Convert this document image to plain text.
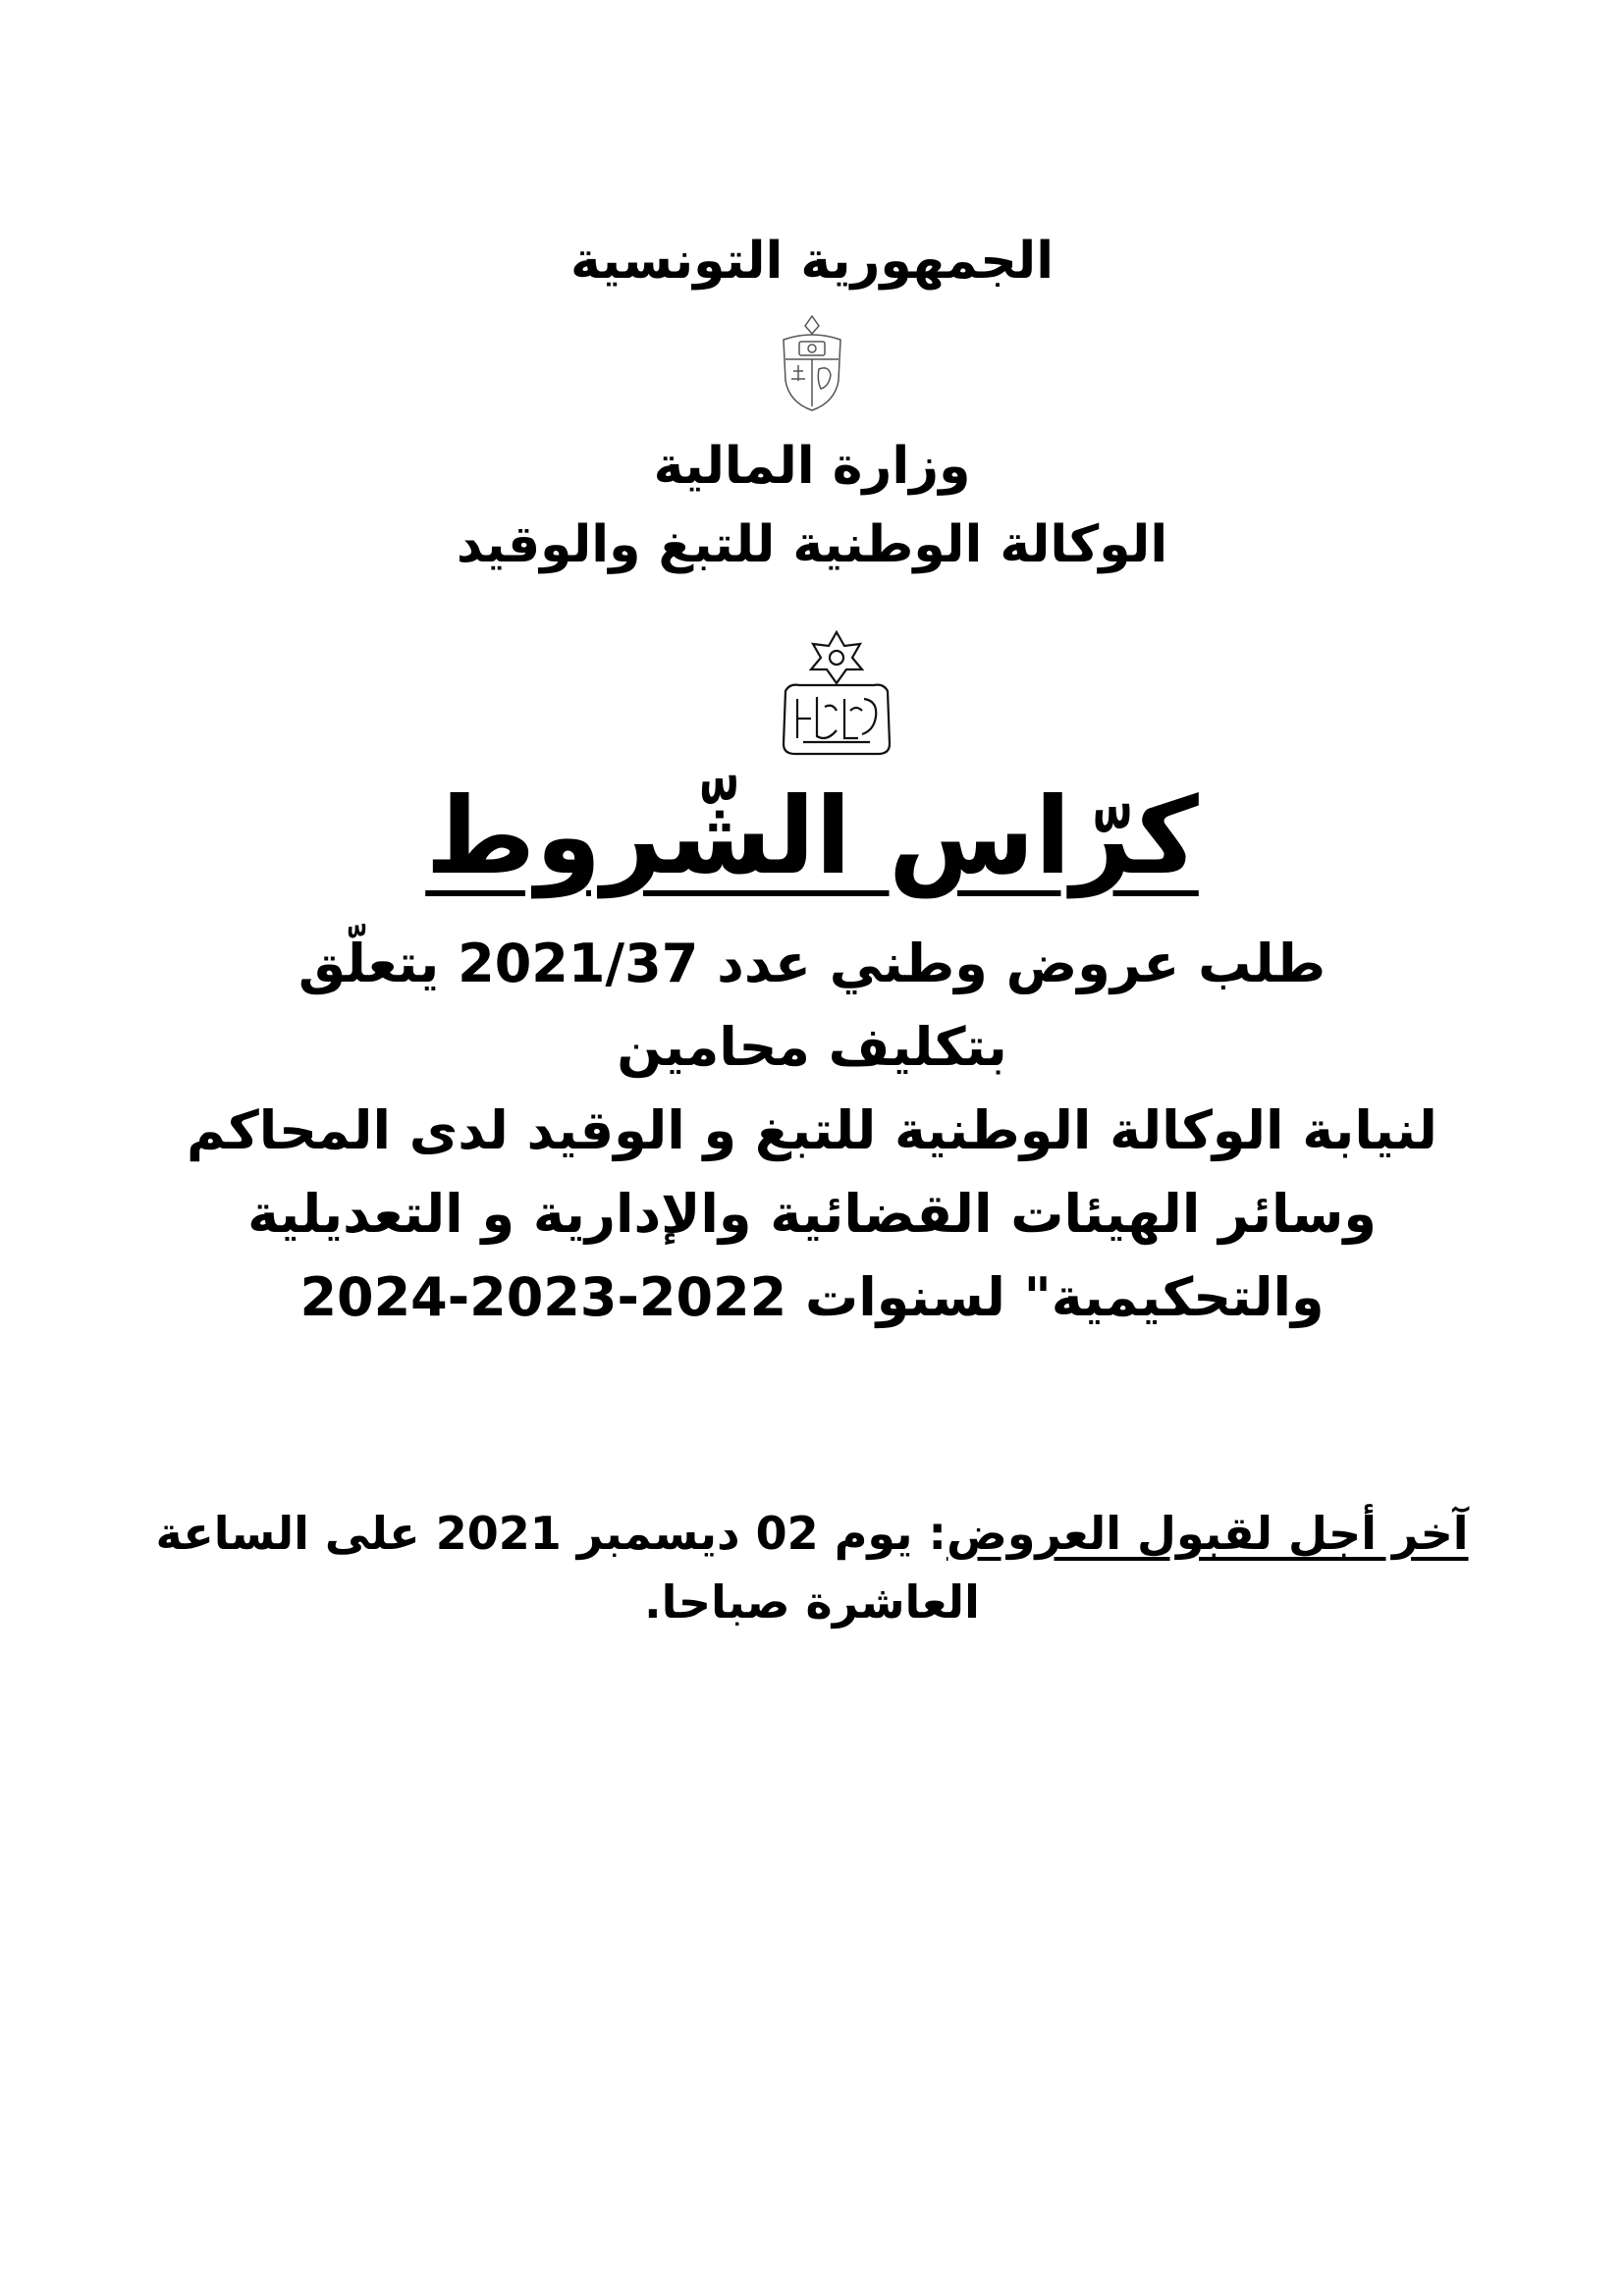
الجمهورية التونسية
وزارة المالية
الوكالة الوطنية للتبغ والوقيد
كرّاس الشّروط
طلب عروض وطني عدد 2021/37 يتعلّق
بتكليف محامين
لنيابة الوكالة الوطنية للتبغ و الوقيد لدى المحاكم
وسائر الهيئات القضائية والإدارية و التعديلية
والتحكيمية" لسنوات 2022-2023-2024
آخر أجل لقبول العروض: يوم 02 ديسمبر 2021 على الساعة
العاشرة صباحا.
